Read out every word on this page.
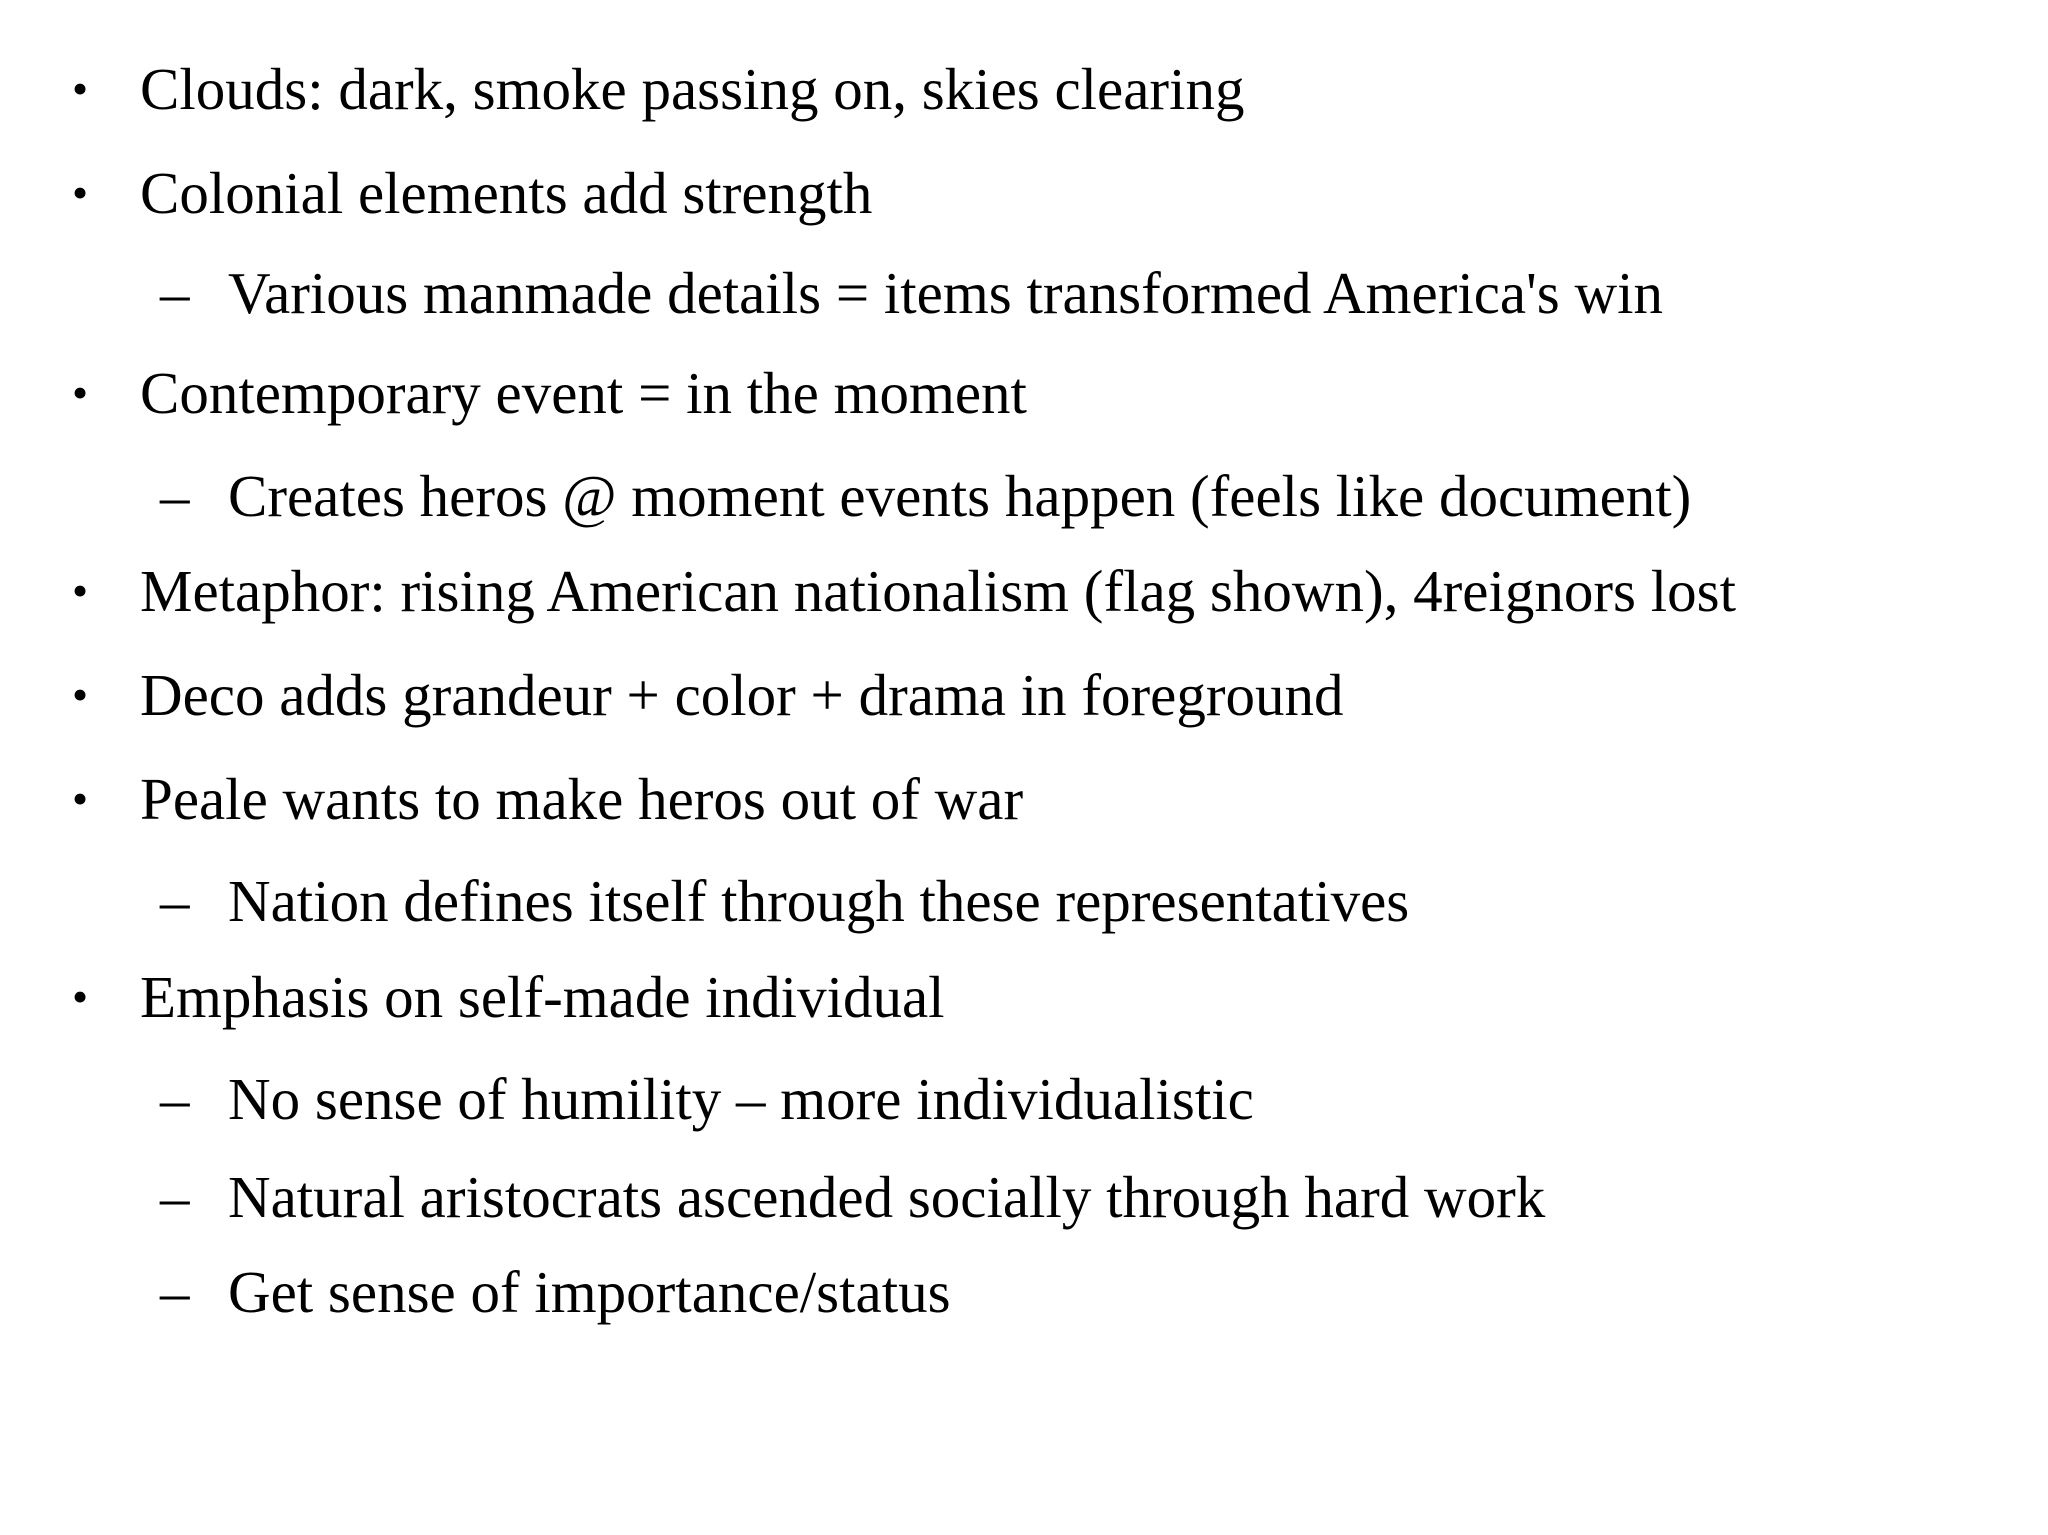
• Clouds: dark, smoke passing on, skies clearing
• Colonial elements add strength
– Various manmade details = items transformed America's win
• Contemporary event = in the moment
– Creates heros @ moment events happen (feels like document)
• Metaphor: rising American nationalism (flag shown), 4reignors lost
• Deco adds grandeur + color + drama in foreground
• Peale wants to make heros out of war
– Nation defines itself through these representatives
• Emphasis on self-made individual
– No sense of humility – more individualistic
– Natural aristocrats ascended socially through hard work
– Get sense of importance/status
